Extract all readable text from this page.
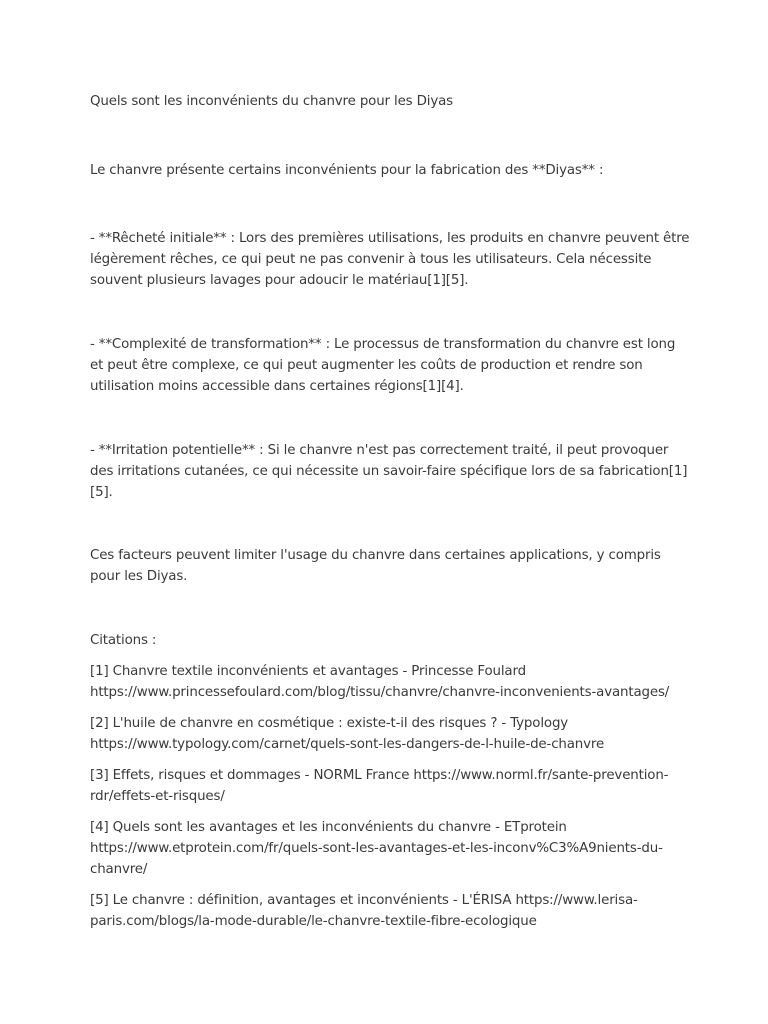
Quels sont les inconvénients du chanvre pour les Diyas

Le chanvre présente certains inconvénients pour la fabrication des **Diyas** :

- **Rêcheté initiale** : Lors des premières utilisations, les produits en chanvre peuvent être légèrement rêches, ce qui peut ne pas convenir à tous les utilisateurs. Cela nécessite souvent plusieurs lavages pour adoucir le matériau[1][5].

- **Complexité de transformation** : Le processus de transformation du chanvre est long et peut être complexe, ce qui peut augmenter les coûts de production et rendre son utilisation moins accessible dans certaines régions[1][4].

- **Irritation potentielle** : Si le chanvre n'est pas correctement traité, il peut provoquer des irritations cutanées, ce qui nécessite un savoir-faire spécifique lors de sa fabrication[1][5].

Ces facteurs peuvent limiter l'usage du chanvre dans certaines applications, y compris pour les Diyas.

Citations :

[1] Chanvre textile inconvénients et avantages - Princesse Foulard
https://www.princessefoulard.com/blog/tissu/chanvre/chanvre-inconvenients-avantages/

[2] L'huile de chanvre en cosmétique : existe-t-il des risques ? - Typology
https://www.typology.com/carnet/quels-sont-les-dangers-de-l-huile-de-chanvre

[3] Effets, risques et dommages - NORML France https://www.norml.fr/sante-prevention-rdr/effets-et-risques/

[4] Quels sont les avantages et les inconvénients du chanvre - ETprotein
https://www.etprotein.com/fr/quels-sont-les-avantages-et-les-inconv%C3%A9nients-du-chanvre/

[5] Le chanvre : définition, avantages et inconvénients - L'ÉRISA https://www.lerisa-paris.com/blogs/la-mode-durable/le-chanvre-textile-fibre-ecologique
